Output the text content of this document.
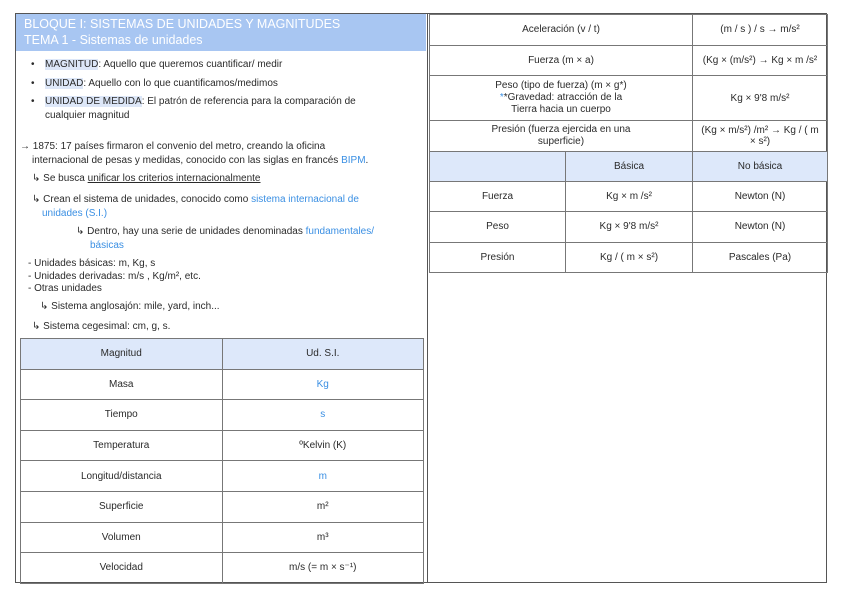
BLOQUE I: SISTEMAS DE UNIDADES Y MAGNITUDES
TEMA 1 - Sistemas de unidades
• MAGNITUD: Aquello que queremos cuantificar/ medir
• UNIDAD: Aquello con lo que cuantificamos/medimos
• UNIDAD DE MEDIDA: El patrón de referencia para la comparación de
cualquier magnitud
→ 1875: 17 países firmaron el convenio del metro, creando la oficina
internacional de pesas y medidas, conocido con las siglas en francés BIPM.
↳ Se busca unificar los criterios internacionalmente
↳ Crean el sistema de unidades, conocido como sistema internacional de
unidades (S.I.)
↳ Dentro, hay una serie de unidades denominadas fundamentales/
básicas
- Unidades básicas: m, Kg, s
- Unidades derivadas: m/s , Kg/m², etc.
- Otras unidades
↳ Sistema anglosajón: mile, yard, inch...
↳ Sistema cegesimal: cm, g, s.
Magnitud	Ud. S.I.
Masa	Kg
Tiempo	s
Temperatura	ºKelvin (K)
Longitud/distancia	m
Superficie	m²
Volumen	m³
Velocidad	m/s (= m × s⁻¹)
Aceleración (v / t)		(m / s ) / s → m/s²
Fuerza (m × a)		(Kg × (m/s²) → Kg × m /s²

Peso (tipo de fuerza) (m × g*)
**Gravedad: atracción de la
Tierra hacia un cuerpo		Kg × 9'8 m/s²

Presión (fuerza ejercida en una
superficie)		(Kg × m/s²) /m² → Kg / ( m × s²)
	Básica	No básica
Fuerza	Kg × m /s²	Newton (N)
Peso	Kg × 9'8 m/s²	Newton (N)
Presión	Kg / ( m × s²)	Pascales (Pa)
